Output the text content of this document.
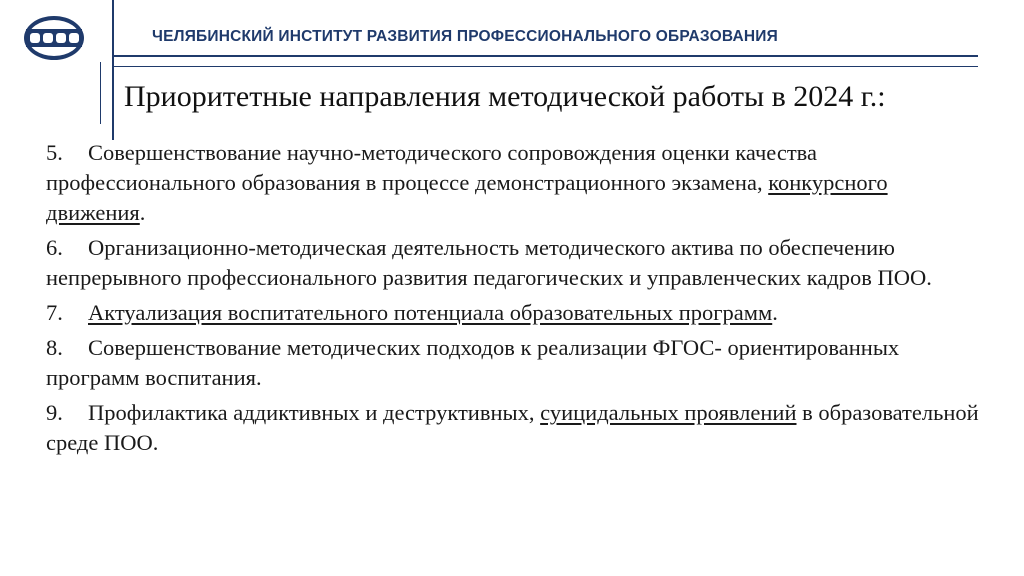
ЧЕЛЯБИНСКИЙ ИНСТИТУТ РАЗВИТИЯ ПРОФЕССИОНАЛЬНОГО ОБРАЗОВАНИЯ
Приоритетные направления методической работы в 2024 г.:
5. Совершенствование научно-методического сопровождения оценки качества профессионального образования в процессе демонстрационного экзамена, конкурсного движения.
6. Организационно-методическая деятельность методического актива по обеспечению непрерывного профессионального развития педагогических и управленческих кадров ПОО.
7. Актуализация воспитательного потенциала образовательных программ.
8. Совершенствование методических подходов к реализации ФГОС- ориентированных программ воспитания.
9. Профилактика аддиктивных и деструктивных, суицидальных проявлений в образовательной среде ПОО.
